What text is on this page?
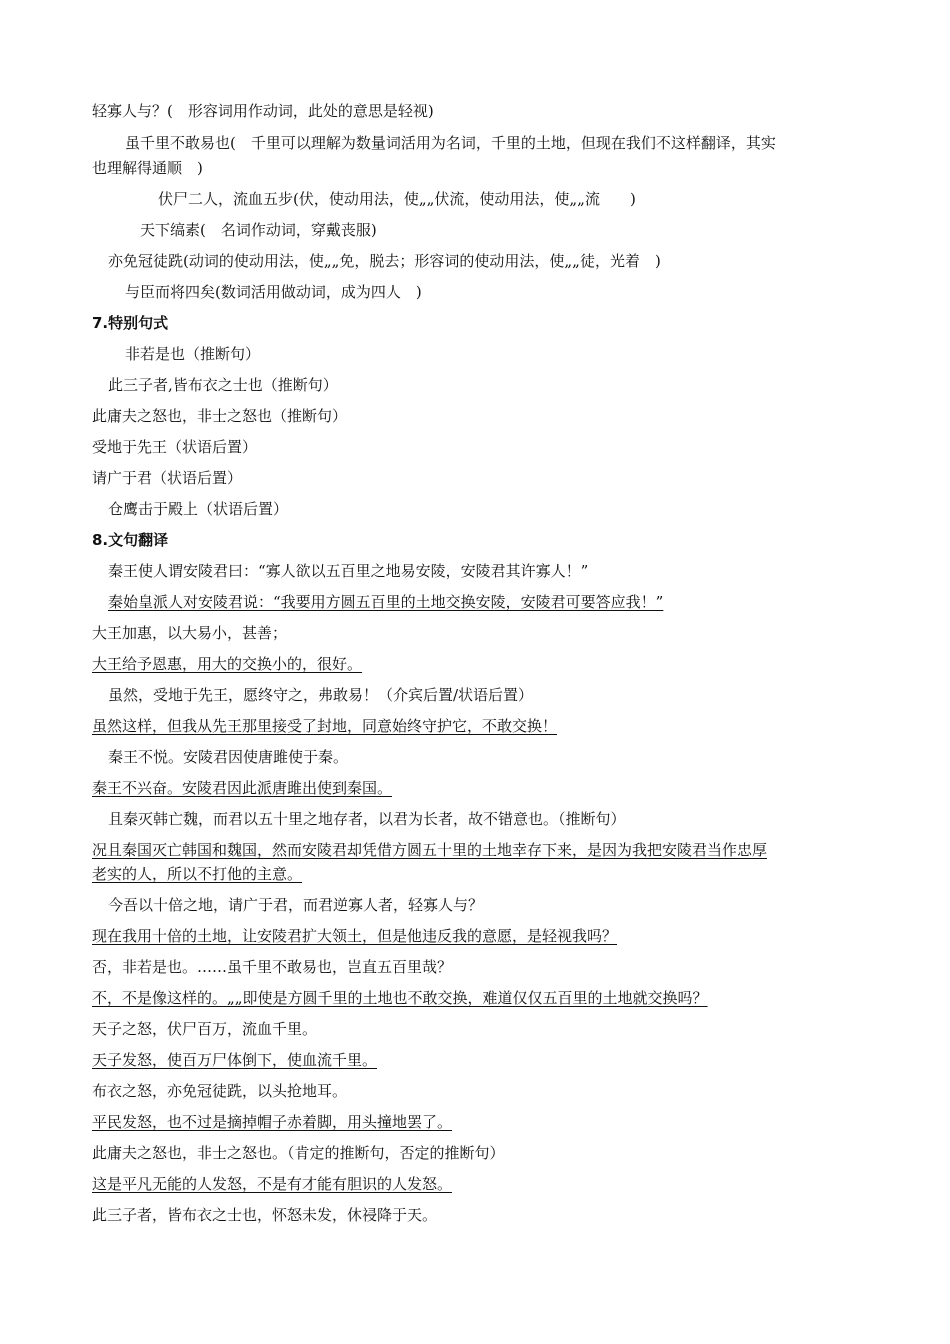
轻寡人与？(　形容词用作动词，此处的意思是轻视)
虽千里不敢易也(　千里可以理解为数量词活用为名词，千里的土地，但现在我们不这样翻译，其实
也理解得通顺　)
伏尸二人，流血五步(伏，使动用法，使„„伏流，使动用法，使„„流　　)
天下缟素(　名词作动词，穿戴丧服)
亦免冠徒跣(动词的使动用法，使„„免，脱去；形容词的使动用法，使„„徒，光着　)
与臣而将四矣(数词活用做动词，成为四人　)
7.特别句式
非若是也（推断句）
此三子者,皆布衣之士也（推断句）
此庸夫之怒也，非士之怒也（推断句）
受地于先王（状语后置）
请广于君（状语后置）
仓鹰击于殿上（状语后置）
8.文句翻译
秦王使人谓安陵君曰：“寡人欲以五百里之地易安陵，安陵君其许寡人！”
秦始皇派人对安陵君说：“我要用方圆五百里的土地交换安陵，安陵君可要答应我！”
大王加惠，以大易小，甚善；
大王给予恩惠，用大的交换小的，很好。
虽然，受地于先王，愿终守之，弗敢易！（介宾后置/状语后置）
虽然这样，但我从先王那里接受了封地，同意始终守护它，不敢交换！
秦王不悦。安陵君因使唐雎使于秦。
秦王不兴奋。安陵君因此派唐雎出使到秦国。
且秦灭韩亡魏，而君以五十里之地存者，以君为长者，故不错意也。（推断句）
况且秦国灭亡韩国和魏国，然而安陵君却凭借方圆五十里的土地幸存下来，是因为我把安陵君当作忠厚
老实的人，所以不打他的主意。
今吾以十倍之地，请广于君，而君逆寡人者，轻寡人与？
现在我用十倍的土地，让安陵君扩大领土，但是他违反我的意愿，是轻视我吗？
否，非若是也。……虽千里不敢易也，岂直五百里哉？
不，不是像这样的。„„即使是方圆千里的土地也不敢交换，难道仅仅五百里的土地就交换吗？
天子之怒，伏尸百万，流血千里。
天子发怒，使百万尸体倒下，使血流千里。
布衣之怒，亦免冠徒跣，以头抢地耳。
平民发怒，也不过是摘掉帽子赤着脚，用头撞地罢了。
此庸夫之怒也，非士之怒也。（肯定的推断句，否定的推断句）
这是平凡无能的人发怒，不是有才能有胆识的人发怒。
此三子者，皆布衣之士也，怀怒未发，休祲降于天。
